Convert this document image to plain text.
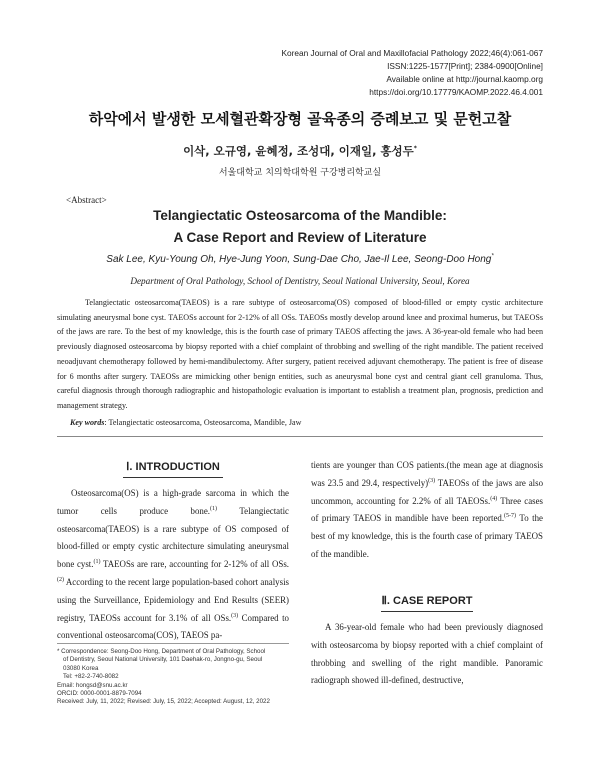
Korean Journal of Oral and Maxillofacial Pathology 2022;46(4):061-067
ISSN:1225-1577[Print]; 2384-0900[Online]
Available online at http://journal.kaomp.org
https://doi.org/10.17779/KAOMP.2022.46.4.001
하악에서 발생한 모세혈관확장형 골육종의 증례보고 및 문헌고찰
이삭, 오규영, 윤혜정, 조성대, 이재일, 홍성두*
서울대학교 치의학대학원 구강병리학교실
<Abstract>
Telangiectatic Osteosarcoma of the Mandible:
A Case Report and Review of Literature
Sak Lee, Kyu-Young Oh, Hye-Jung Yoon, Sung-Dae Cho, Jae-Il Lee, Seong-Doo Hong*
Department of Oral Pathology, School of Dentistry, Seoul National University, Seoul, Korea

Telangiectatic osteosarcoma(TAEOS) is a rare subtype of osteosarcoma(OS) composed of blood-filled or empty cystic architecture simulating aneurysmal bone cyst. TAEOSs account for 2-12% of all OSs. TAEOSs mostly develop around knee and proximal humerus, but TAEOSs of the jaws are rare. To the best of my knowledge, this is the fourth case of primary TAEOS affecting the jaws. A 36-year-old female who had been previously diagnosed osteosarcoma by biopsy reported with a chief complaint of throbbing and swelling of the right mandible. The patient received neoadjuvant chemotherapy followed by hemi-mandibulectomy. After surgery, patient received adjuvant chemotherapy. The patient is free of disease for 6 months after surgery. TAEOSs are mimicking other benign entities, such as aneurysmal bone cyst and central giant cell granuloma. Thus, careful diagnosis through thorough radiographic and histopathologic evaluation is important to establish a treatment plan, prognosis, prediction and management strategy.

Key words: Telangiectatic osteosarcoma, Osteosarcoma, Mandible, Jaw
Ⅰ. INTRODUCTION

Osteosarcoma(OS) is a high-grade sarcoma in which the tumor cells produce bone.$^{(1)}$ Telangiectatic osteosarcoma(TAEOS) is a rare subtype of OS composed of blood-filled or empty cystic architecture simulating aneurysmal bone cyst.$^{(1)}$ TAEOSs are rare, accounting for 2-12% of all OSs.$^{(2)}$ According to the recent large population-based cohort analysis using the Surveillance, Epidemiology and End Results (SEER) registry, TAEOSs account for 3.1% of all OSs.$^{(3)}$ Compared to conventional osteosarcoma(COS), TAEOS pa-

tients are younger than COS patients.(the mean age at diagnosis was 23.5 and 29.4, respectively)$^{(3)}$ TAEOSs of the jaws are also uncommon, accounting for 2.2% of all TAEOSs.$^{(4)}$ Three cases of primary TAEOS in mandible have been reported.$^{(5-7)}$ To the best of my knowledge, this is the fourth case of primary TAEOS of the mandible.

Ⅱ. CASE REPORT

A 36-year-old female who had been previously diagnosed with osteosarcoma by biopsy reported with a chief complaint of throbbing and swelling of the right mandible. Panoramic radiograph showed ill-defined, destructive,

* Correspondence: Seong-Doo Hong, Department of Oral Pathology, School
of Dentistry, Seoul National University, 101 Daehak-ro, Jongno-gu, Seoul
03080 Korea
Tel: +82-2-740-8082
Email: hongsd@snu.ac.kr
ORCID: 0000-0001-8879-7094
Received: July, 11, 2022; Revised: July, 15, 2022; Accepted: August, 12, 2022
